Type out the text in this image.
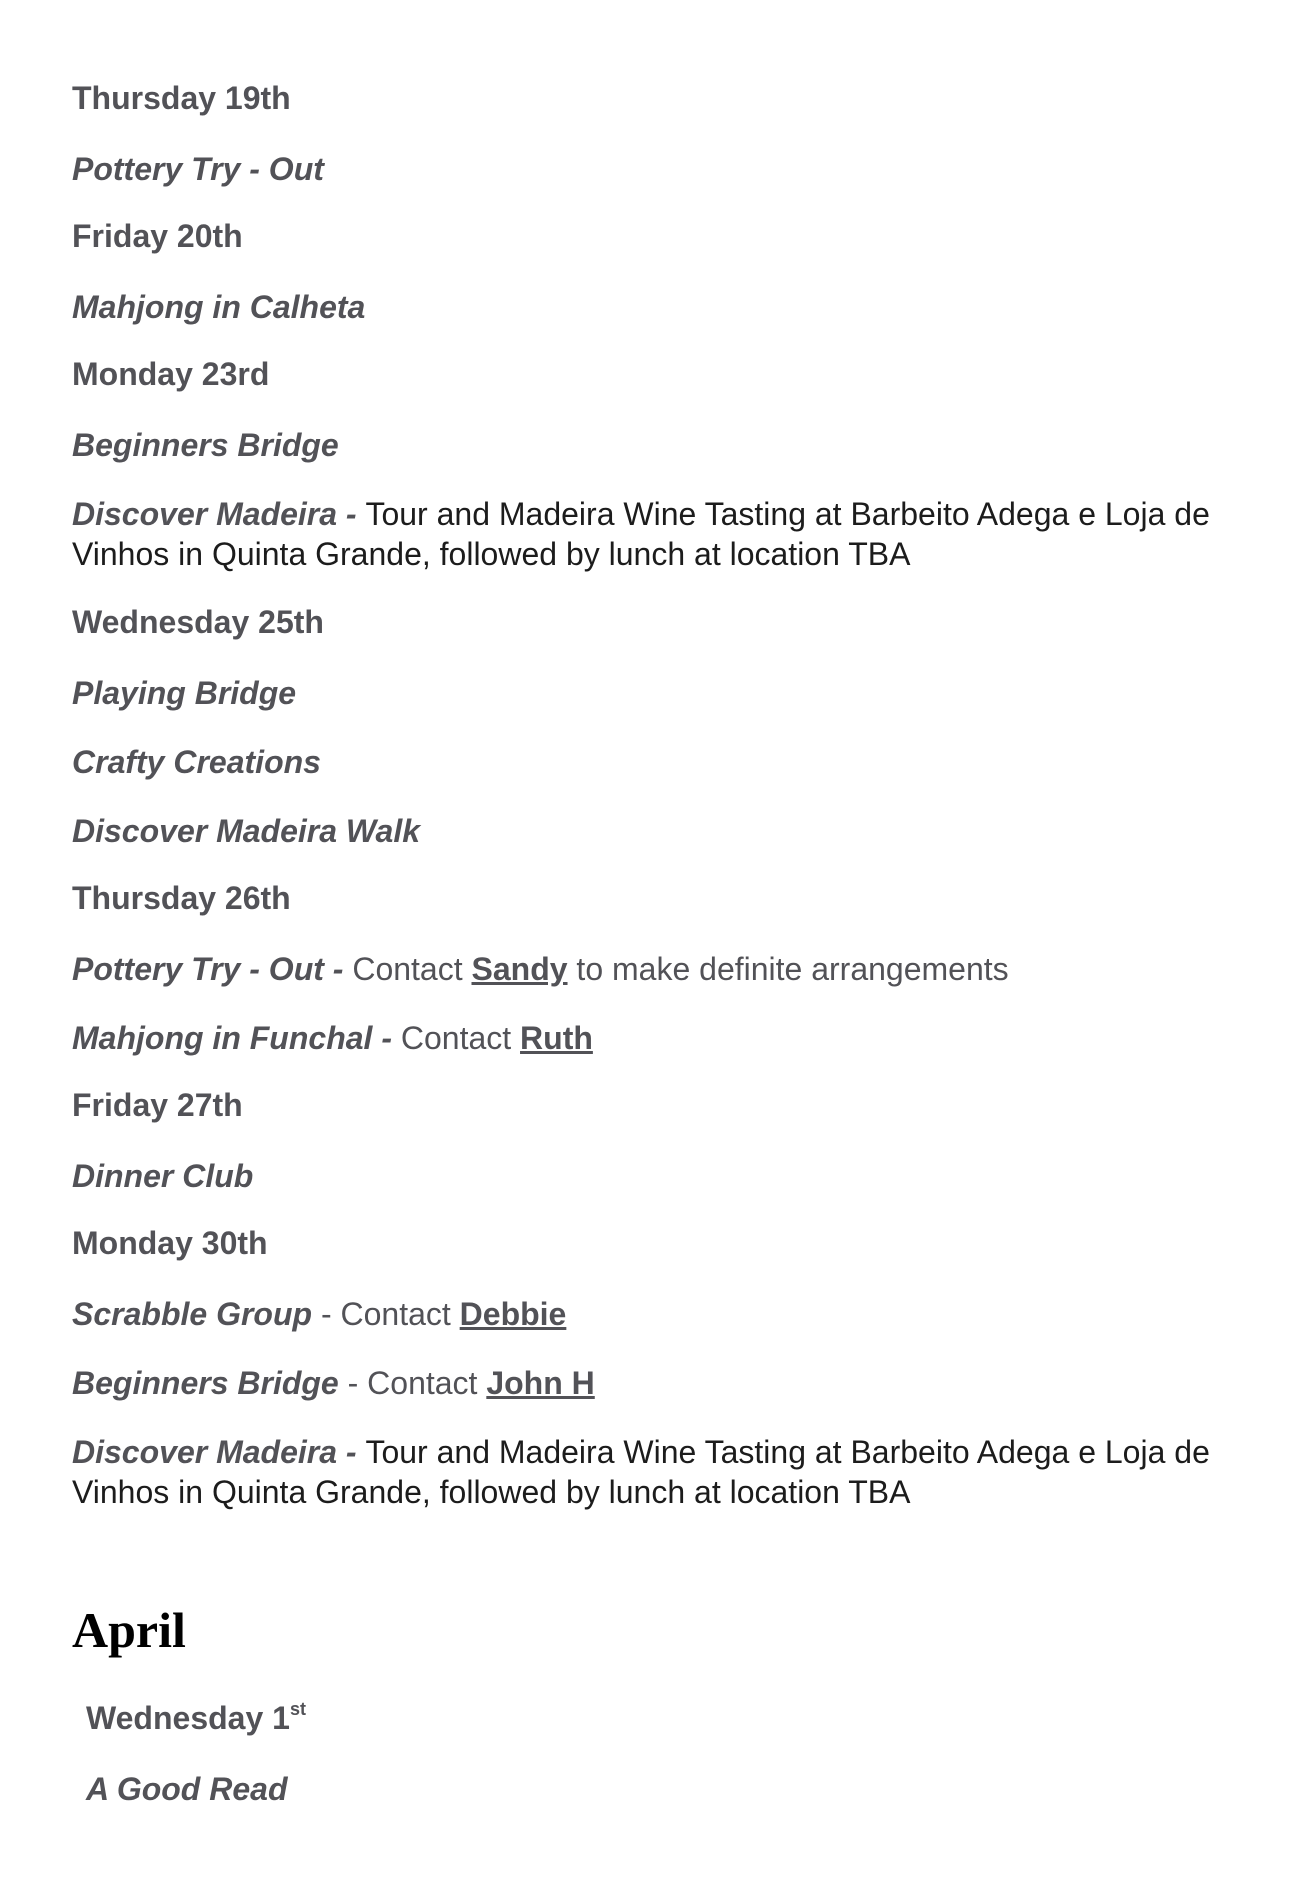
Thursday 19th
Pottery Try - Out
Friday 20th
Mahjong in Calheta
Monday 23rd
Beginners Bridge
Discover Madeira - Tour and Madeira Wine Tasting at Barbeito Adega e Loja de Vinhos in Quinta Grande, followed by lunch at location TBA
Wednesday 25th
Playing Bridge
Crafty Creations
Discover Madeira Walk
Thursday 26th
Pottery Try - Out - Contact Sandy to make definite arrangements
Mahjong in Funchal - Contact Ruth
Friday 27th
Dinner Club
Monday 30th
Scrabble Group - Contact Debbie
Beginners Bridge - Contact John H
Discover Madeira - Tour and Madeira Wine Tasting at Barbeito Adega e Loja de Vinhos in Quinta Grande, followed by lunch at location TBA
April
Wednesday 1st
A Good Read
